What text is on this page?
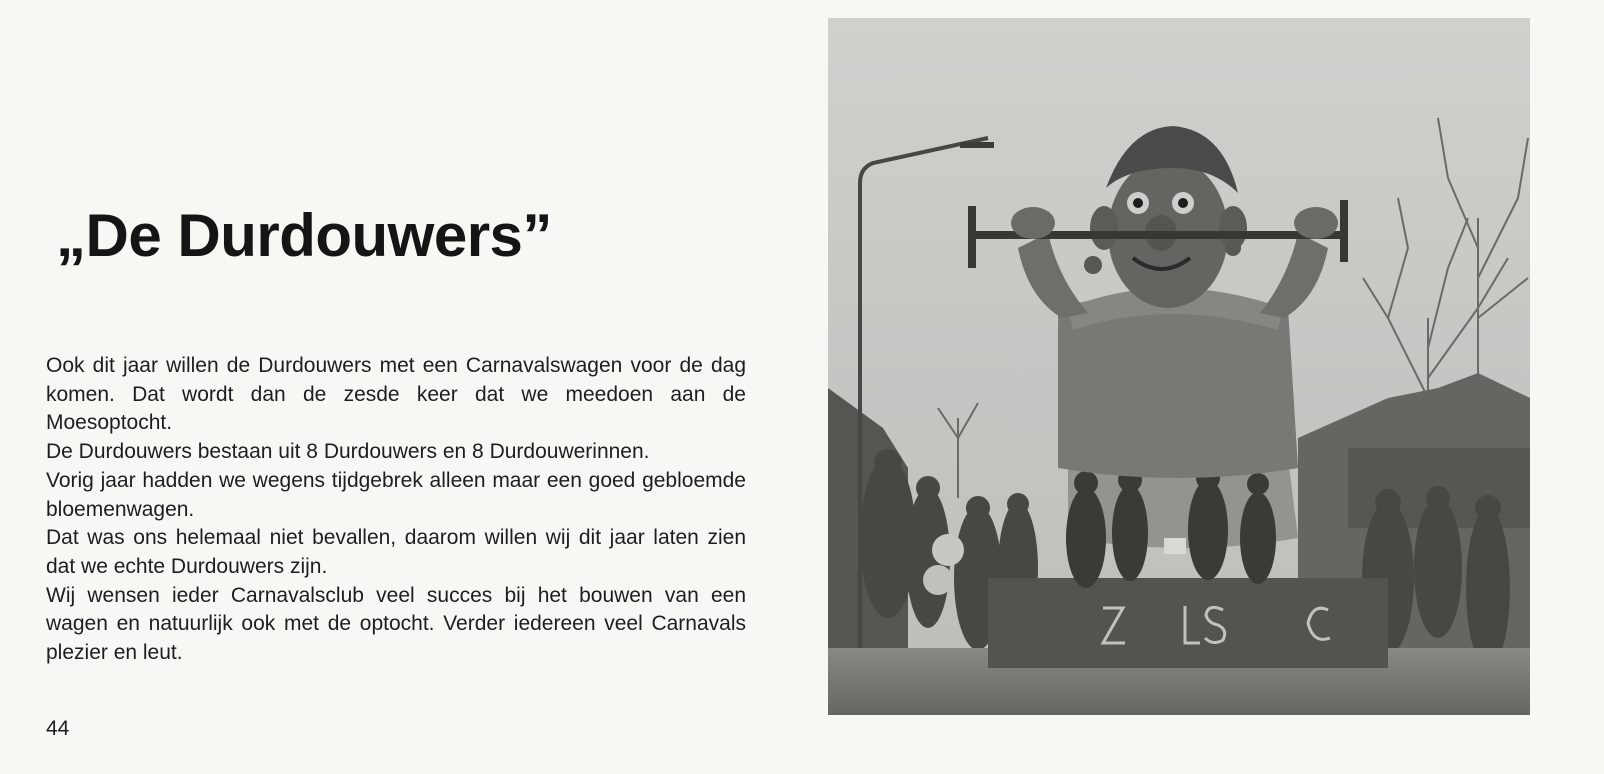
„De Durdouwers”

Ook dit jaar willen de Durdouwers met een Carnavalswagen voor de dag komen. Dat wordt dan de zesde keer dat we meedoen aan de Moesoptocht.

De Durdouwers bestaan uit 8 Durdouwers en 8 Durdouwerinnen.

Vorig jaar hadden we wegens tijdgebrek alleen maar een goed gebloemde bloemenwagen.

Dat was ons helemaal niet bevallen, daarom willen wij dit jaar laten zien dat we echte Durdouwers zijn.

Wij wensen ieder Carnavalsclub veel succes bij het bouwen van een wagen en natuurlijk ook met de optocht. Verder iedereen veel Carnavals plezier en leut.

44
